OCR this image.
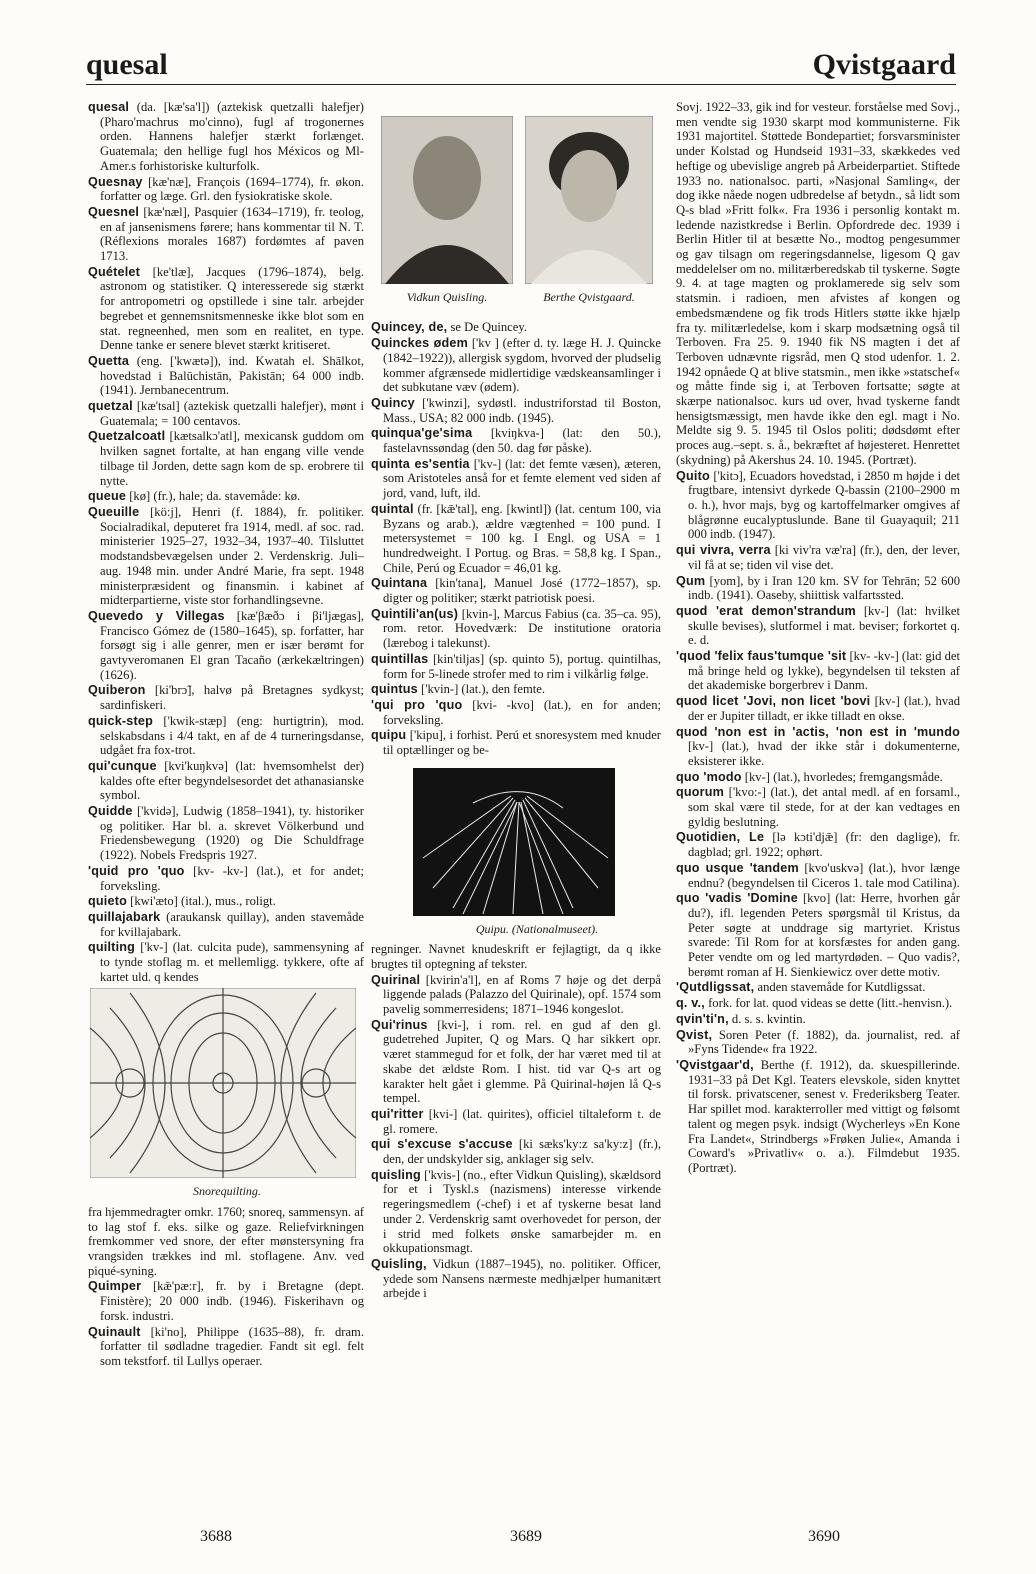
quesal	Qvistgaard

quesal (da. [kæ'sa'l]) (aztekisk quetzalli halefjer) (Pharo'machrus mo'cinno), fugl af trogonernes orden. Hannens halefjer stærkt forlænget. Guatemala; den hellige fugl hos Méxicos og Ml-Amer.s forhistoriske kulturfolk.

Quesnay [kæ'næ], François (1694–1774), fr. økon. forfatter og læge. Grl. den fysiokratiske skole.

Quesnel [kæ'næl], Pasquier (1634–1719), fr. teolog, en af jansenismens førere; hans kommentar til N. T. (Réflexions morales 1687) fordømtes af paven 1713.

Quételet [ke'tlæ], Jacques (1796–1874), belg. astronom og statistiker. Q interesserede sig stærkt for antropometri og opstillede i sine talr. arbejder begrebet et gennemsnitsmenneske ikke blot som en stat. regneenhed, men som en realitet, en type. Denne tanke er senere blevet stærkt kritiseret.

Quetta (eng. ['kwætə]), ind. Kwatah el. Shālkot, hovedstad i Balūchistān, Pakistān; 64 000 indb. (1941). Jernbanecentrum.

quetzal [kæ'tsal] (aztekisk quetzalli halefjer), mønt i Guatemala; = 100 centavos.

Quetzalcoatl [kætsalkɔ'atl], mexicansk guddom om hvilken sagnet fortalte, at han engang ville vende tilbage til Jorden, dette sagn kom de sp. erobrere til nytte.

queue [kø] (fr.), hale; da. stavemåde: kø.

Queuille [kö:j], Henri (f. 1884), fr. politiker. Socialradikal, deputeret fra 1914, medl. af soc. rad. ministerier 1925–27, 1932–34, 1937–40. Tilsluttet modstandsbevægelsen under 2. Verdenskrig. Juli–aug. 1948 min. under André Marie, fra sept. 1948 ministerpræsident og finansmin. i kabinet af midterpartierne, viste stor forhandlingsevne.

Quevedo y Villegas [kæ'βæðɔ i βi'ljægas], Francisco Gómez de (1580–1645), sp. forfatter, har forsøgt sig i alle genrer, men er især berømt for gavtyveromanen El gran Tacaño (ærkekæltringen) (1626).

Quiberon [ki'brɔ̃], halvø på Bretagnes sydkyst; sardinfiskeri.

quick-step ['kwik-stæp] (eng: hurtigtrin), mod. selskabsdans i 4/4 takt, en af de 4 turneringsdanse, udgået fra fox-trot.

qui'cunque [kvi'kuŋkvə] (lat: hvemsomhelst der) kaldes ofte efter begyndelsesordet det athanasianske symbol.

Quidde ['kvidə], Ludwig (1858–1941), ty. historiker og politiker. Har bl. a. skrevet Völkerbund und Friedensbewegung (1920) og Die Schuldfrage (1922). Nobels Fredspris 1927.

'quid pro 'quo [kv- -kv-] (lat.), et for andet; forveksling.

quieto [kwi'æto] (ital.), mus., roligt.

quillajabark (araukansk quillay), anden stavemåde for kvillajabark.

quilting ['kv-] (lat. culcita pude), sammensyning af to tynde stoflag m. et mellemligg. tykkere, ofte af kartet uld. q kendes

Snorequilting.

fra hjemmedragter omkr. 1760; snoreq, sammensyn. af to lag stof f. eks. silke og gaze. Reliefvirkningen fremkommer ved snore, der efter mønstersyning fra vrangsiden trækkes ind ml. stoflagene. Anv. ved piqué-syning.

Quimper [kǣ'pæ:r], fr. by i Bretagne (dept. Finistère); 20 000 indb. (1946). Fiskerihavn og forsk. industri.

Quinault [ki'no], Philippe (1635–88), fr. dram. forfatter til sødladne tragedier. Fandt sit egl. felt som tekstforf. til Lullys operaer.

Vidkun Quisling.	Berthe Qvistgaard.

Quincey, de, se De Quincey.

Quinckes ødem ['kv ] (efter d. ty. læge H. J. Quincke (1842–1922)), allergisk sygdom, hvorved der pludselig kommer afgrænsede midlertidige vædskeansamlinger i det subkutane væv (ødem).

Quincy ['kwinzi], sydøstl. industriforstad til Boston, Mass., USA; 82 000 indb. (1945).

quinqua'ge'sima [kviŋkva-] (lat: den 50.), fastelavnssøndag (den 50. dag før påske).

quinta es'sentia ['kv-] (lat: det femte væsen), æteren, som Aristoteles anså for et femte element ved siden af jord, vand, luft, ild.

quintal (fr. [kǣ'tal], eng. [kwintl]) (lat. centum 100, via Byzans og arab.), ældre vægtenhed = 100 pund. I metersystemet = 100 kg. I Engl. og USA = 1 hundredweight. I Portug. og Bras. = 58,8 kg. I Span., Chile, Perú og Ecuador = 46,01 kg.

Quintana [kin'tana], Manuel José (1772–1857), sp. digter og politiker; stærkt patriotisk poesi.

Quintili'an(us) [kvin-], Marcus Fabius (ca. 35–ca. 95), rom. retor. Hovedværk: De institutione oratoria (lærebog i talekunst).

quintillas [kin'tiljas] (sp. quinto 5), portug. quintilhas, form for 5-linede strofer med to rim i vilkårlig følge.

quintus ['kvin-] (lat.), den femte.

'qui pro 'quo [kvi- -kvo] (lat.), en for anden; forveksling.

quipu ['kipu], i forhist. Perú et snoresystem med knuder til optællinger og be-

Quipu. (Nationalmuseet).

regninger. Navnet knudeskrift er fejlagtigt, da q ikke brugtes til optegning af tekster.

Quirinal [kvirin'a'l], en af Roms 7 høje og det derpå liggende palads (Palazzo del Quirinale), opf. 1574 som pavelig sommerresidens; 1871–1946 kongeslot.

Qui'rinus [kvi-], i rom. rel. en gud af den gl. gudetrehed Jupiter, Q og Mars. Q har sikkert opr. været stammegud for et folk, der har været med til at skabe det ældste Rom. I hist. tid var Q-s art og karakter helt gået i glemme. På Quirinal-højen lå Q-s tempel.

qui'ritter [kvi-] (lat. quirites), officiel tiltaleform t. de gl. romere.

qui s'excuse s'accuse [ki sæks'ky:z sa'ky:z] (fr.), den, der undskylder sig, anklager sig selv.

quisling ['kvis-] (no., efter Vidkun Quisling), skældsord for et i Tyskl.s (nazismens) interesse virkende regeringsmedlem (-chef) i et af tyskerne besat land under 2. Verdenskrig samt overhovedet for person, der i strid med folkets ønske samarbejder m. en okkupationsmagt.

Quisling, Vidkun (1887–1945), no. politiker. Officer, ydede som Nansens nærmeste medhjælper humanitært arbejde i

Sovj. 1922–33, gik ind for vesteur. forståelse med Sovj., men vendte sig 1930 skarpt mod kommunisterne. Fik 1931 majortitel. Støttede Bondepartiet; forsvarsminister under Kolstad og Hundseid 1931–33, skækkedes ved heftige og ubevislige angreb på Arbeiderpartiet. Stiftede 1933 no. nationalsoc. parti, »Nasjonal Samling«, der dog ikke nåede nogen udbredelse af betydn., så lidt som Q-s blad »Fritt folk«. Fra 1936 i personlig kontakt m. ledende nazistkredse i Berlin. Opfordrede dec. 1939 i Berlin Hitler til at besætte No., modtog pengesummer og gav tilsagn om regeringsdannelse, ligesom Q gav meddelelser om no. militærberedskab til tyskerne. Søgte 9. 4. at tage magten og proklamerede sig selv som statsmin. i radioen, men afvistes af kongen og embedsmændene og fik trods Hitlers støtte ikke hjælp fra ty. militærledelse, kom i skarp modsætning også til Terboven. Fra 25. 9. 1940 fik NS magten i det af Terboven udnævnte rigsråd, men Q stod udenfor. 1. 2. 1942 opnåede Q at blive statsmin., men ikke »statschef« og måtte finde sig i, at Terboven fortsatte; søgte at skærpe nationalsoc. kurs ud over, hvad tyskerne fandt hensigtsmæssigt, men havde ikke den egl. magt i No. Meldte sig 9. 5. 1945 til Oslos politi; dødsdømt efter proces aug.–sept. s. å., bekræftet af højesteret. Henrettet (skydning) på Akershus 24. 10. 1945. (Portræt).

Quito ['kitɔ], Ecuadors hovedstad, i 2850 m højde i det frugtbare, intensivt dyrkede Q-bassin (2100–2900 m o. h.), hvor majs, byg og kartoffelmarker omgives af blågrønne eucalyptuslunde. Bane til Guayaquil; 211 000 indb. (1947).

qui vivra, verra [ki viv'ra væ'ra] (fr.), den, der lever, vil få at se; tiden vil vise det.

Qum [yom], by i Iran 120 km. SV for Tehrān; 52 600 indb. (1941). Oaseby, shiittisk valfartssted.

quod 'erat demon'strandum [kv-] (lat: hvilket skulle bevises), slutformel i mat. beviser; forkortet q. e. d.

'quod 'felix faus'tumque 'sit [kv- -kv-] (lat: gid det må bringe held og lykke), begyndelsen til teksten af det akademiske borgerbrev i Danm.

quod licet 'Jovi, non licet 'bovi [kv-] (lat.), hvad der er Jupiter tilladt, er ikke tilladt en okse.

quod 'non est in 'actis, 'non est in 'mundo [kv-] (lat.), hvad der ikke står i dokumenterne, eksisterer ikke.

quo 'modo [kv-] (lat.), hvorledes; fremgangsmåde.

quorum ['kvo:-] (lat.), det antal medl. af en forsaml., som skal være til stede, for at der kan vedtages en gyldig beslutning.

Quotidien, Le [lə kɔti'djǣ] (fr: den daglige), fr. dagblad; grl. 1922; ophørt.

quo usque 'tandem [kvo'uskvə] (lat.), hvor længe endnu? (begyndelsen til Ciceros 1. tale mod Catilina).

quo 'vadis 'Domine [kvo] (lat: Herre, hvorhen går du?), ifl. legenden Peters spørgsmål til Kristus, da Peter søgte at unddrage sig martyriet. Kristus svarede: Til Rom for at korsfæstes for anden gang. Peter vendte om og led martyrdøden. – Quo vadis?, berømt roman af H. Sienkiewicz over dette motiv.

'Qutdligssat, anden stavemåde for Kutdligssat.

q. v., fork. for lat. quod videas se dette (litt.-henvisn.).

qvin'ti'n, d. s. s. kvintin.

Qvist, Soren Peter (f. 1882), da. journalist, red. af »Fyns Tidende« fra 1922.

'Qvistgaar'd, Berthe (f. 1912), da. skuespillerinde. 1931–33 på Det Kgl. Teaters elevskole, siden knyttet til forsk. privatscener, senest v. Frederiksberg Teater. Har spillet mod. karakterroller med vittigt og følsomt talent og megen psyk. indsigt (Wycherleys »En Kone Fra Landet«, Strindbergs »Frøken Julie«, Amanda i Coward's »Privatliv« o. a.). Filmdebut 1935. (Portræt).

3688	3689	3690
